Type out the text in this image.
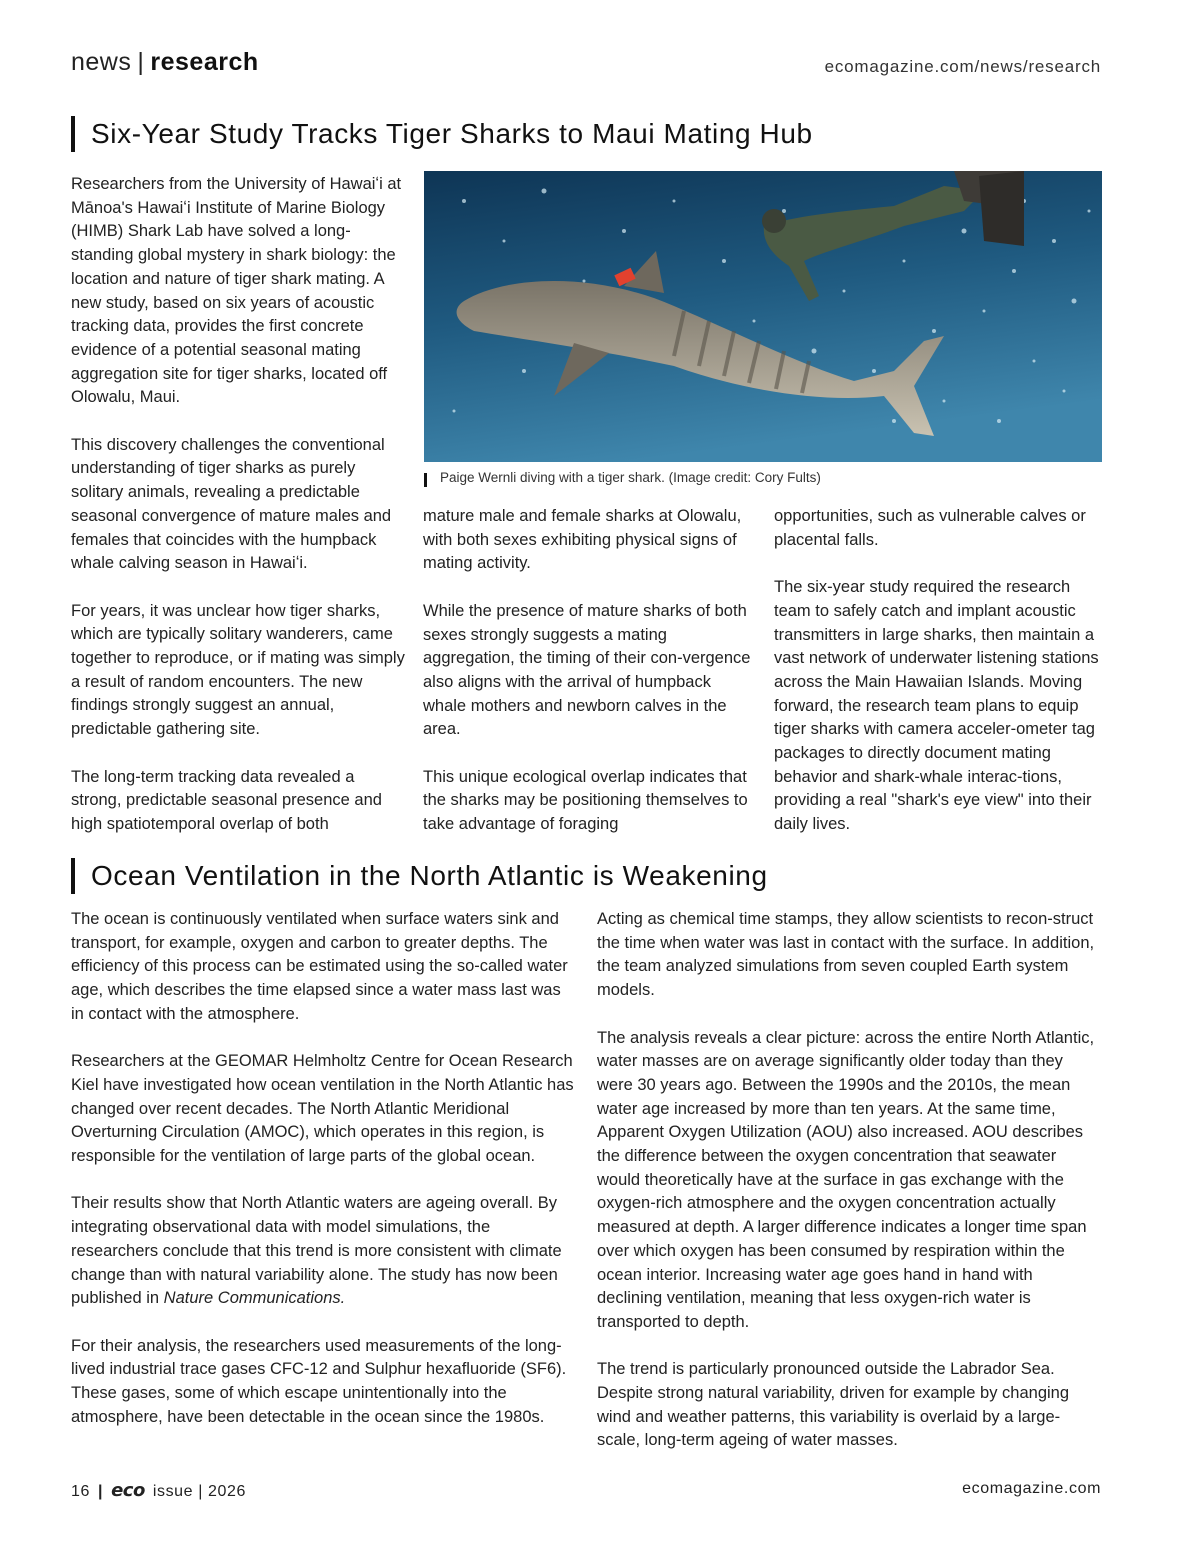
news | research	ecomagazine.com/news/research
Six-Year Study Tracks Tiger Sharks to Maui Mating Hub

Researchers from the University of Hawaiʻi at Mānoa's Hawaiʻi Institute of Marine Biology (HIMB) Shark Lab have solved a long-standing global mystery in shark biology: the location and nature of tiger shark mating. A new study, based on six years of acoustic tracking data, provides the first concrete evidence of a potential seasonal mating aggregation site for tiger sharks, located off Olowalu, Maui.

This discovery challenges the conventional understanding of tiger sharks as purely solitary animals, revealing a predictable seasonal convergence of mature males and females that coincides with the humpback whale calving season in Hawaiʻi.

For years, it was unclear how tiger sharks, which are typically solitary wanderers, came together to reproduce, or if mating was simply a result of random encounters. The new findings strongly suggest an annual, predictable gathering site.

The long-term tracking data revealed a strong, predictable seasonal presence and high spatiotemporal overlap of both

Paige Wernli diving with a tiger shark. (Image credit: Cory Fults)

mature male and female sharks at Olowalu, with both sexes exhibiting physical signs of mating activity.

While the presence of mature sharks of both sexes strongly suggests a mating aggregation, the timing of their con-vergence also aligns with the arrival of humpback whale mothers and newborn calves in the area.

This unique ecological overlap indicates that the sharks may be positioning themselves to take advantage of foraging

opportunities, such as vulnerable calves or placental falls.

The six-year study required the research team to safely catch and implant acoustic transmitters in large sharks, then maintain a vast network of underwater listening stations across the Main Hawaiian Islands. Moving forward, the research team plans to equip tiger sharks with camera acceler-ometer tag packages to directly document mating behavior and shark-whale interac-tions, providing a real "shark's eye view" into their daily lives.

Ocean Ventilation in the North Atlantic is Weakening

The ocean is continuously ventilated when surface waters sink and transport, for example, oxygen and carbon to greater depths. The efficiency of this process can be estimated using the so-called water age, which describes the time elapsed since a water mass last was in contact with the atmosphere.

Researchers at the GEOMAR Helmholtz Centre for Ocean Research Kiel have investigated how ocean ventilation in the North Atlantic has changed over recent decades. The North Atlantic Meridional Overturning Circulation (AMOC), which operates in this region, is responsible for the ventilation of large parts of the global ocean.

Their results show that North Atlantic waters are ageing overall. By integrating observational data with model simulations, the researchers conclude that this trend is more consistent with climate change than with natural variability alone. The study has now been published in Nature Communications.

For their analysis, the researchers used measurements of the long-lived industrial trace gases CFC-12 and Sulphur hexafluoride (SF6). These gases, some of which escape unintentionally into the atmosphere, have been detectable in the ocean since the 1980s.

Acting as chemical time stamps, they allow scientists to recon-struct the time when water was last in contact with the surface. In addition, the team analyzed simulations from seven coupled Earth system models.

The analysis reveals a clear picture: across the entire North Atlantic, water masses are on average significantly older today than they were 30 years ago. Between the 1990s and the 2010s, the mean water age increased by more than ten years. At the same time, Apparent Oxygen Utilization (AOU) also increased. AOU describes the difference between the oxygen concentration that seawater would theoretically have at the surface in gas exchange with the oxygen-rich atmosphere and the oxygen concentration actually measured at depth. A larger difference indicates a longer time span over which oxygen has been consumed by respiration within the ocean interior. Increasing water age goes hand in hand with declining ventilation, meaning that less oxygen-rich water is transported to depth.

The trend is particularly pronounced outside the Labrador Sea. Despite strong natural variability, driven for example by changing wind and weather patterns, this variability is overlaid by a large-scale, long-term ageing of water masses.

16 | eco issue | 2026	ecomagazine.com
